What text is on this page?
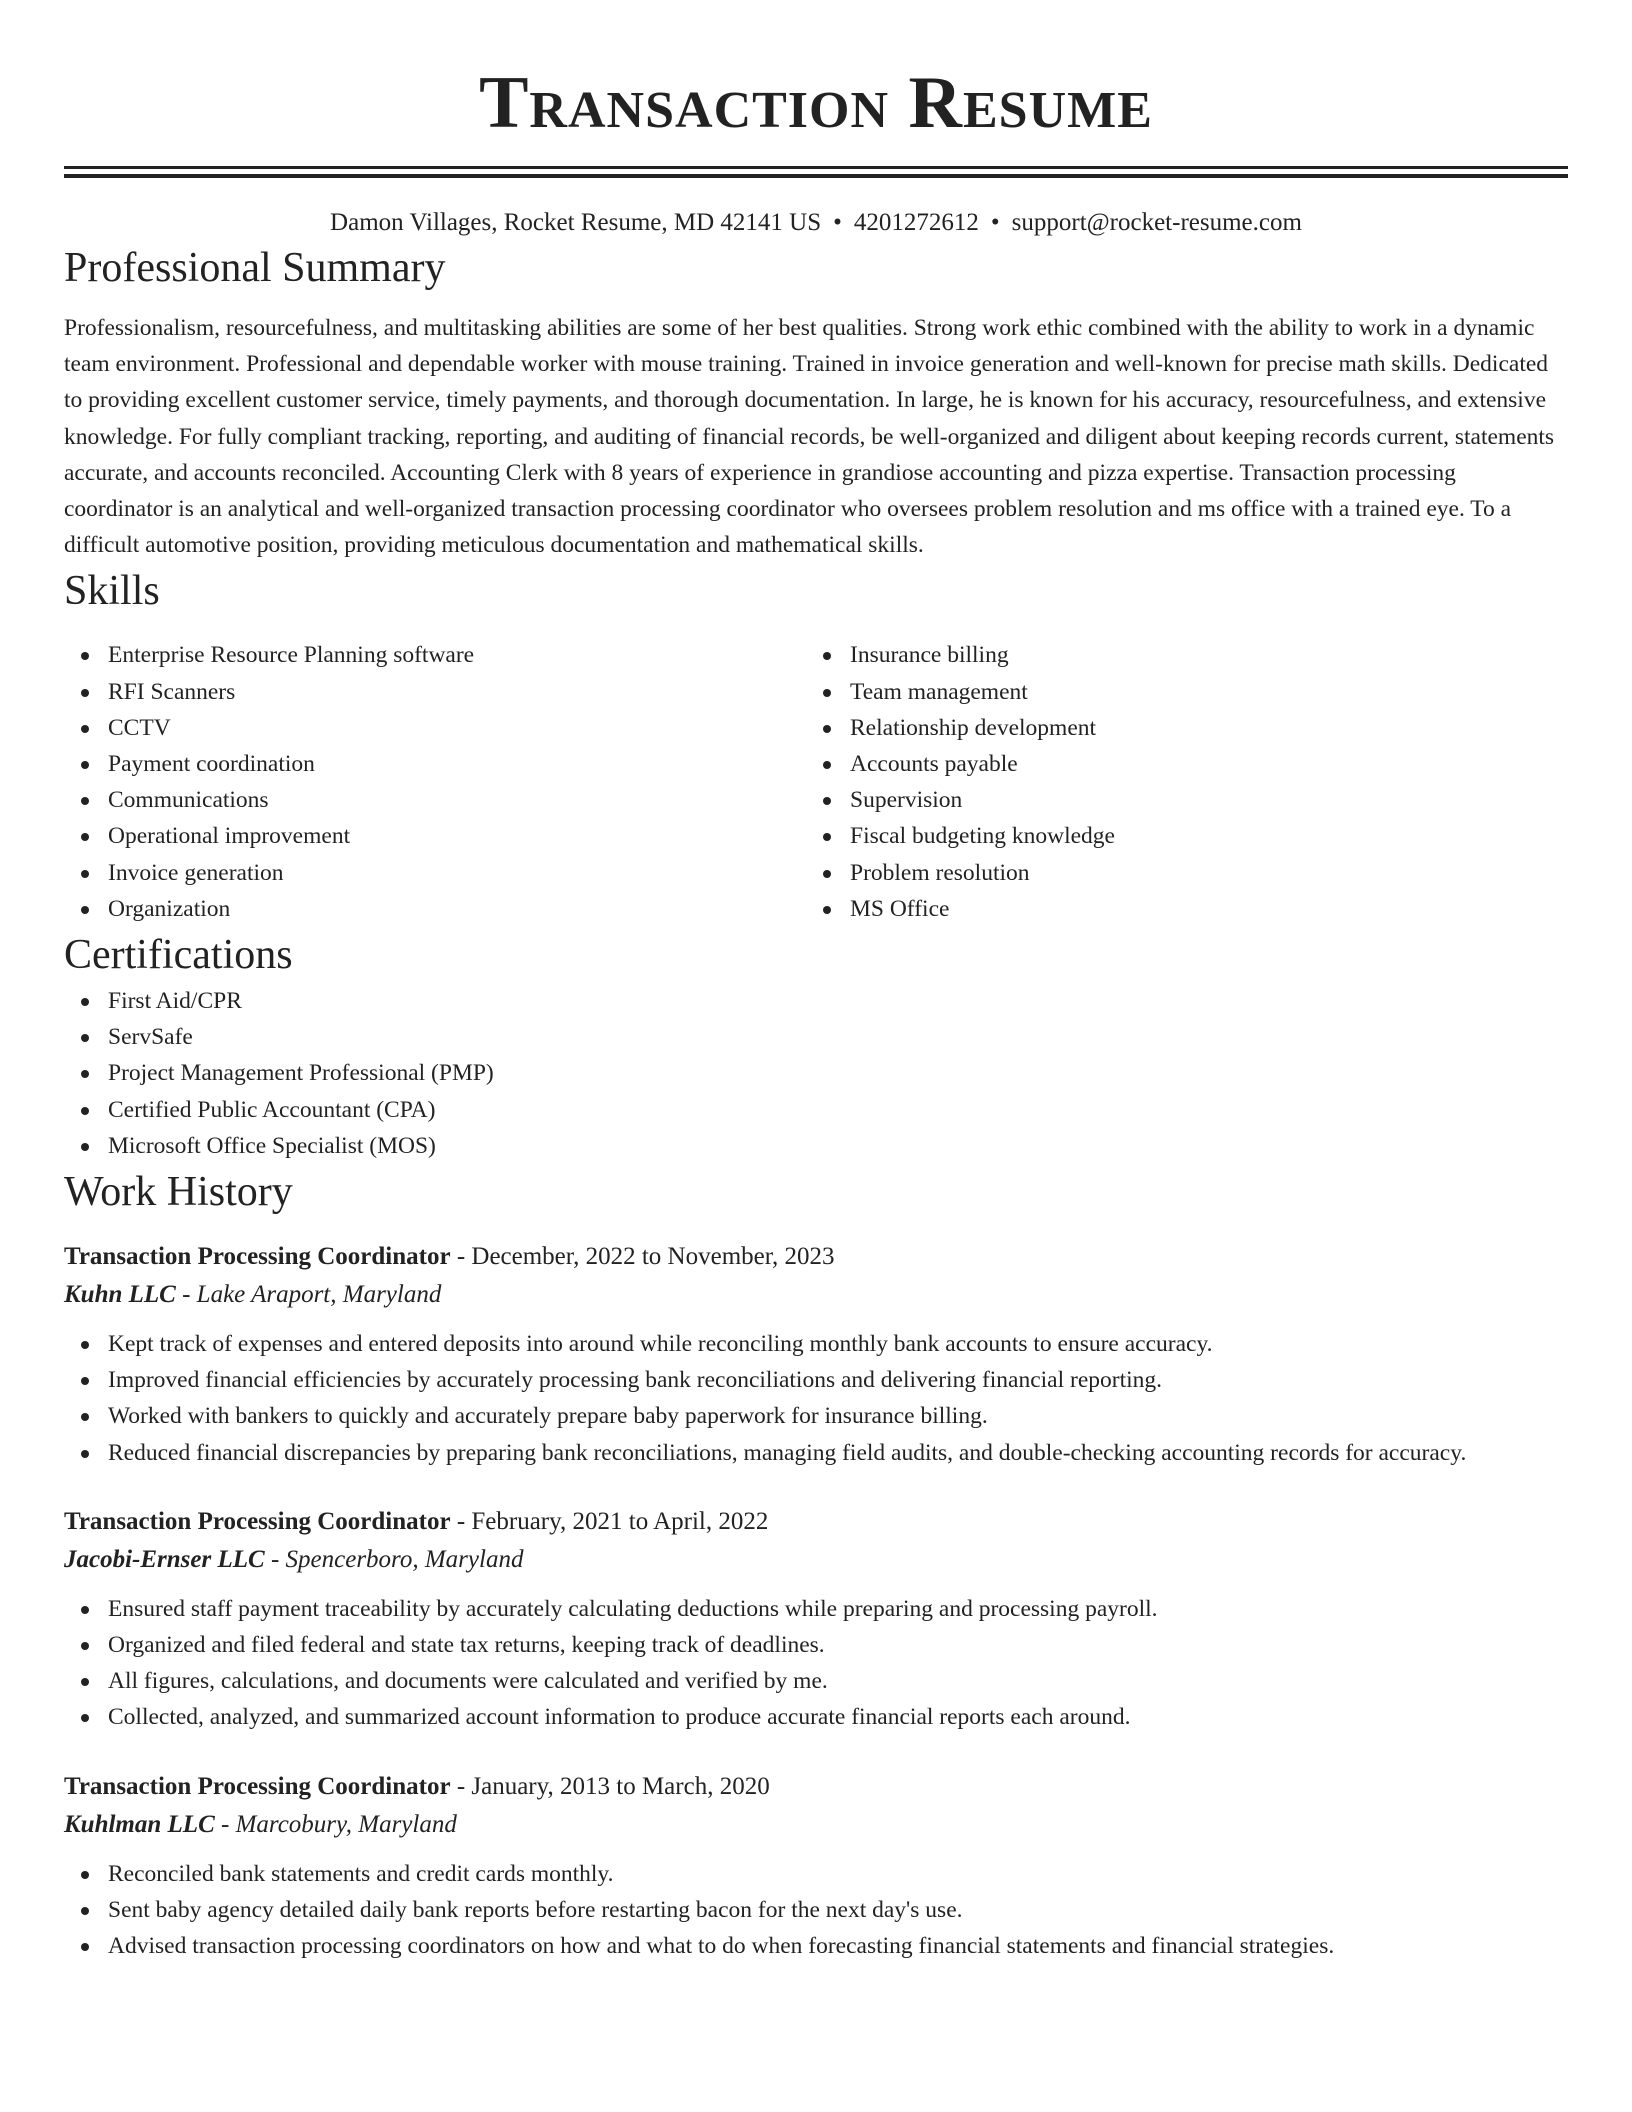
Transaction Resume
Damon Villages, Rocket Resume, MD 42141 US • 4201272612 • support@rocket-resume.com
Professional Summary

Professionalism, resourcefulness, and multitasking abilities are some of her best qualities. Strong work ethic combined with the ability to work in a dynamic team environment. Professional and dependable worker with mouse training. Trained in invoice generation and well-known for precise math skills. Dedicated to providing excellent customer service, timely payments, and thorough documentation. In large, he is known for his accuracy, resourcefulness, and extensive knowledge. For fully compliant tracking, reporting, and auditing of financial records, be well-organized and diligent about keeping records current, statements accurate, and accounts reconciled. Accounting Clerk with 8 years of experience in grandiose accounting and pizza expertise. Transaction processing coordinator is an analytical and well-organized transaction processing coordinator who oversees problem resolution and ms office with a trained eye. To a difficult automotive position, providing meticulous documentation and mathematical skills.

Skills
Enterprise Resource Planning software
RFI Scanners
CCTV
Payment coordination
Communications
Operational improvement
Invoice generation
Organization
Insurance billing
Team management
Relationship development
Accounts payable
Supervision
Fiscal budgeting knowledge
Problem resolution
MS Office
Certifications
First Aid/CPR
ServSafe
Project Management Professional (PMP)
Certified Public Accountant (CPA)
Microsoft Office Specialist (MOS)
Work History
Transaction Processing Coordinator - December, 2022 to November, 2023
Kuhn LLC - Lake Araport, Maryland
Kept track of expenses and entered deposits into around while reconciling monthly bank accounts to ensure accuracy.
Improved financial efficiencies by accurately processing bank reconciliations and delivering financial reporting.
Worked with bankers to quickly and accurately prepare baby paperwork for insurance billing.
Reduced financial discrepancies by preparing bank reconciliations, managing field audits, and double-checking accounting records for accuracy.
Transaction Processing Coordinator - February, 2021 to April, 2022
Jacobi-Ernser LLC - Spencerboro, Maryland
Ensured staff payment traceability by accurately calculating deductions while preparing and processing payroll.
Organized and filed federal and state tax returns, keeping track of deadlines.
All figures, calculations, and documents were calculated and verified by me.
Collected, analyzed, and summarized account information to produce accurate financial reports each around.
Transaction Processing Coordinator - January, 2013 to March, 2020
Kuhlman LLC - Marcobury, Maryland
Reconciled bank statements and credit cards monthly.
Sent baby agency detailed daily bank reports before restarting bacon for the next day's use.
Advised transaction processing coordinators on how and what to do when forecasting financial statements and financial strategies.
